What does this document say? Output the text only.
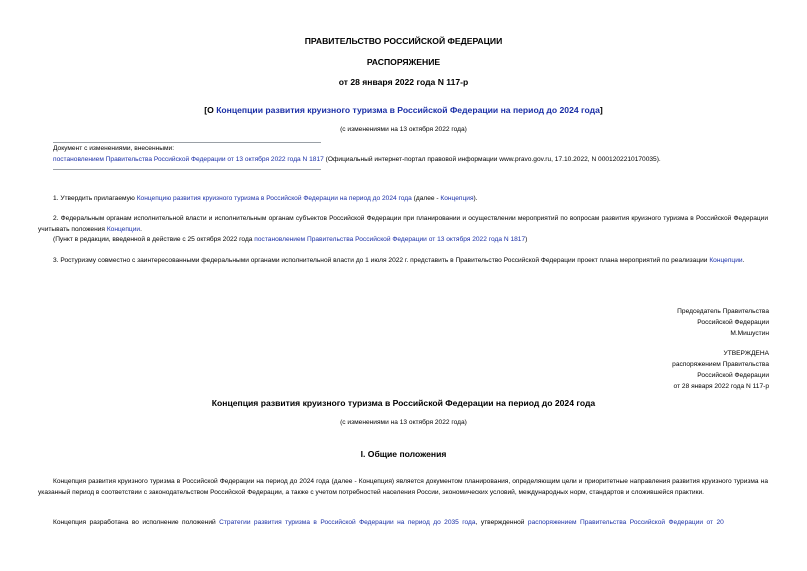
ПРАВИТЕЛЬСТВО РОССИЙСКОЙ ФЕДЕРАЦИИ
РАСПОРЯЖЕНИЕ
от 28 января 2022 года N 117-р
[О Концепции развития круизного туризма в Российской Федерации на период до 2024 года]
(с изменениями на 13 октября 2022 года)
Документ с изменениями, внесенными:
постановлением Правительства Российской Федерации от 13 октября 2022 года N 1817 (Официальный интернет-портал правовой информации www.pravo.gov.ru, 17.10.2022, N 0001202210170035).
1. Утвердить прилагаемую Концепцию развития круизного туризма в Российской Федерации на период до 2024 года (далее - Концепция).
2. Федеральным органам исполнительной власти и исполнительным органам субъектов Российской Федерации при планировании и осуществлении мероприятий по вопросам развития круизного туризма в Российской Федерации учитывать положения Концепции.
(Пункт в редакции, введенной в действие с 25 октября 2022 года постановлением Правительства Российской Федерации от 13 октября 2022 года N 1817)
3. Ростуризму совместно с заинтересованными федеральными органами исполнительной власти до 1 июля 2022 г. представить в Правительство Российской Федерации проект плана мероприятий по реализации Концепции.
Председатель Правительства
Российской Федерации
М.Мишустин
УТВЕРЖДЕНА
распоряжением Правительства
Российской Федерации
от 28 января 2022 года N 117-р
Концепция развития круизного туризма в Российской Федерации на период до 2024 года
(с изменениями на 13 октября 2022 года)
I. Общие положения
Концепция развития круизного туризма в Российской Федерации на период до 2024 года (далее - Концепция) является документом планирования, определяющим цели и приоритетные направления развития круизного туризма на указанный период в соответствии с законодательством Российской Федерации, а также с учетом потребностей населения России, экономических условий, международных норм, стандартов и сложившейся практики.
Концепция разработана во исполнение положений Стратегии развития туризма в Российской Федерации на период до 2035 года, утвержденной распоряжением Правительства Российской Федерации от 20
